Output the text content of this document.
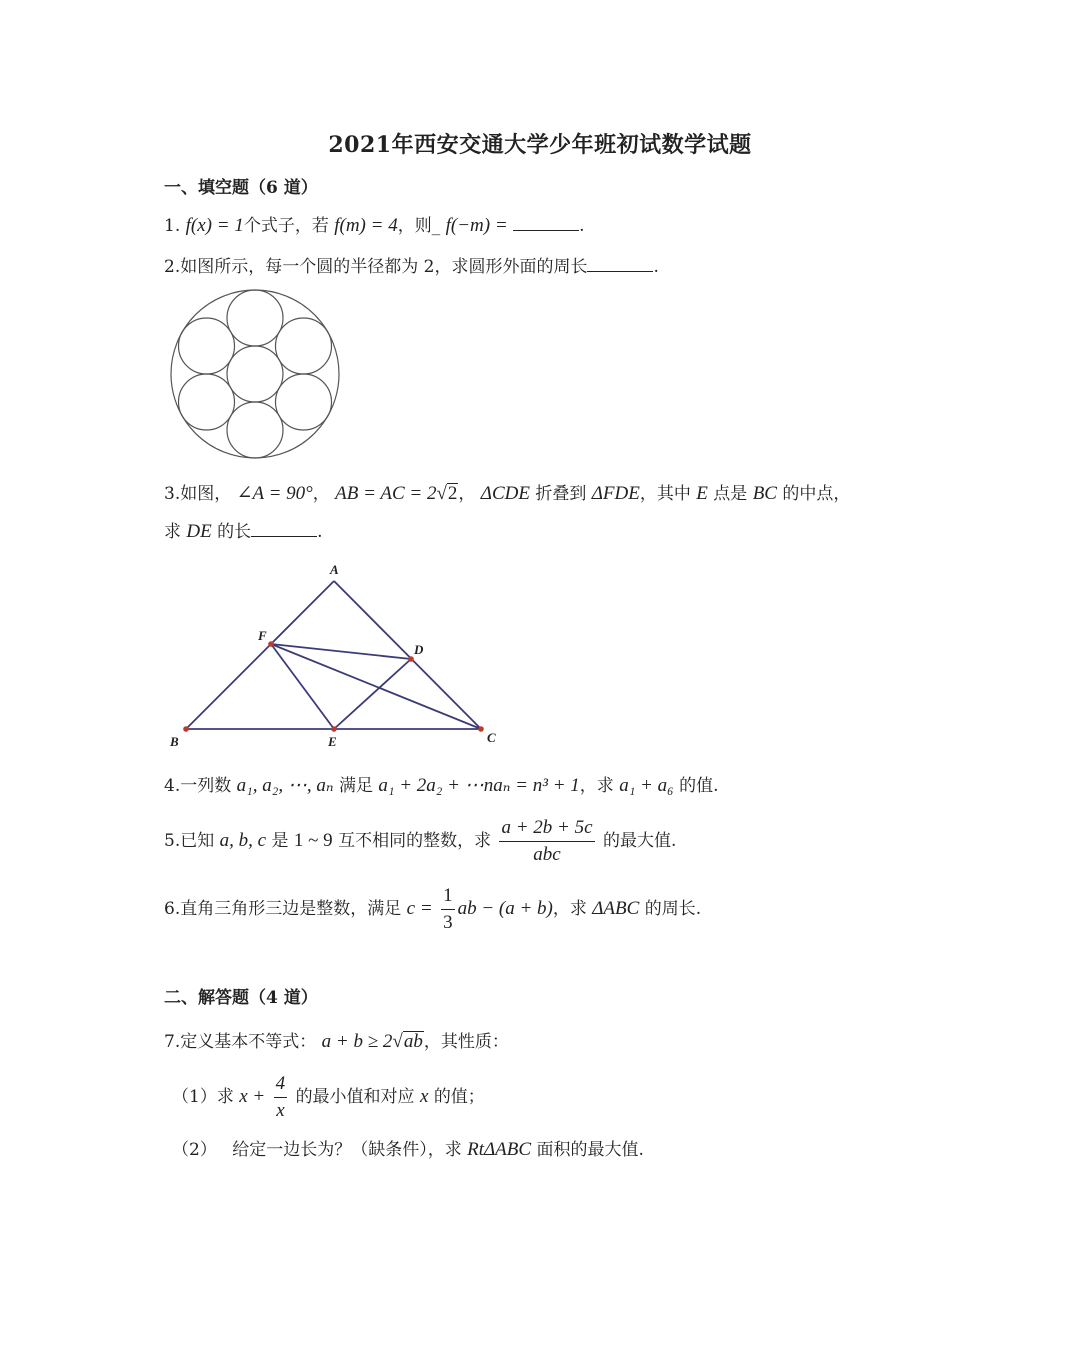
2021年西安交通大学少年班初试数学试题
一、填空题（6 道）
1. f(x) = 1个式子，若 f(m) = 4，则_ f(−m) =	.
2.如图所示，每一个圆的半径都为 2，求圆形外面的周长	.
3.如图， ∠A = 90°， AB = AC = 2√2， ΔCDE 折叠到 ΔFDE，其中 E 点是 BC 的中点，
求 DE 的长	.
A
F
D
B	E	C
4.一列数 a₁, a₂, ⋯, aₙ 满足 a₁ + 2a₂ + ⋯naₙ = n³ + 1，求 a₁ + a₆ 的值.
5.已知 a, b, c 是 1 ~ 9 互不相同的整数，求 $\frac{a + 2b + 5c}{\text{abc}}$ 的最大值.
6.直角三角形三边是整数，满足 $c = \frac{1}{3}$ ab − (a + b)，求 ΔABC 的周长.
二、解答题（4 道）
7.定义基本不等式： a + b ≥ 2√ab，其性质：
（1）求 $x + \frac{4}{x}$ 的最小值和对应 x 的值；
（2） 给定一边长为？（缺条件），求 RtΔABC 面积的最大值.
